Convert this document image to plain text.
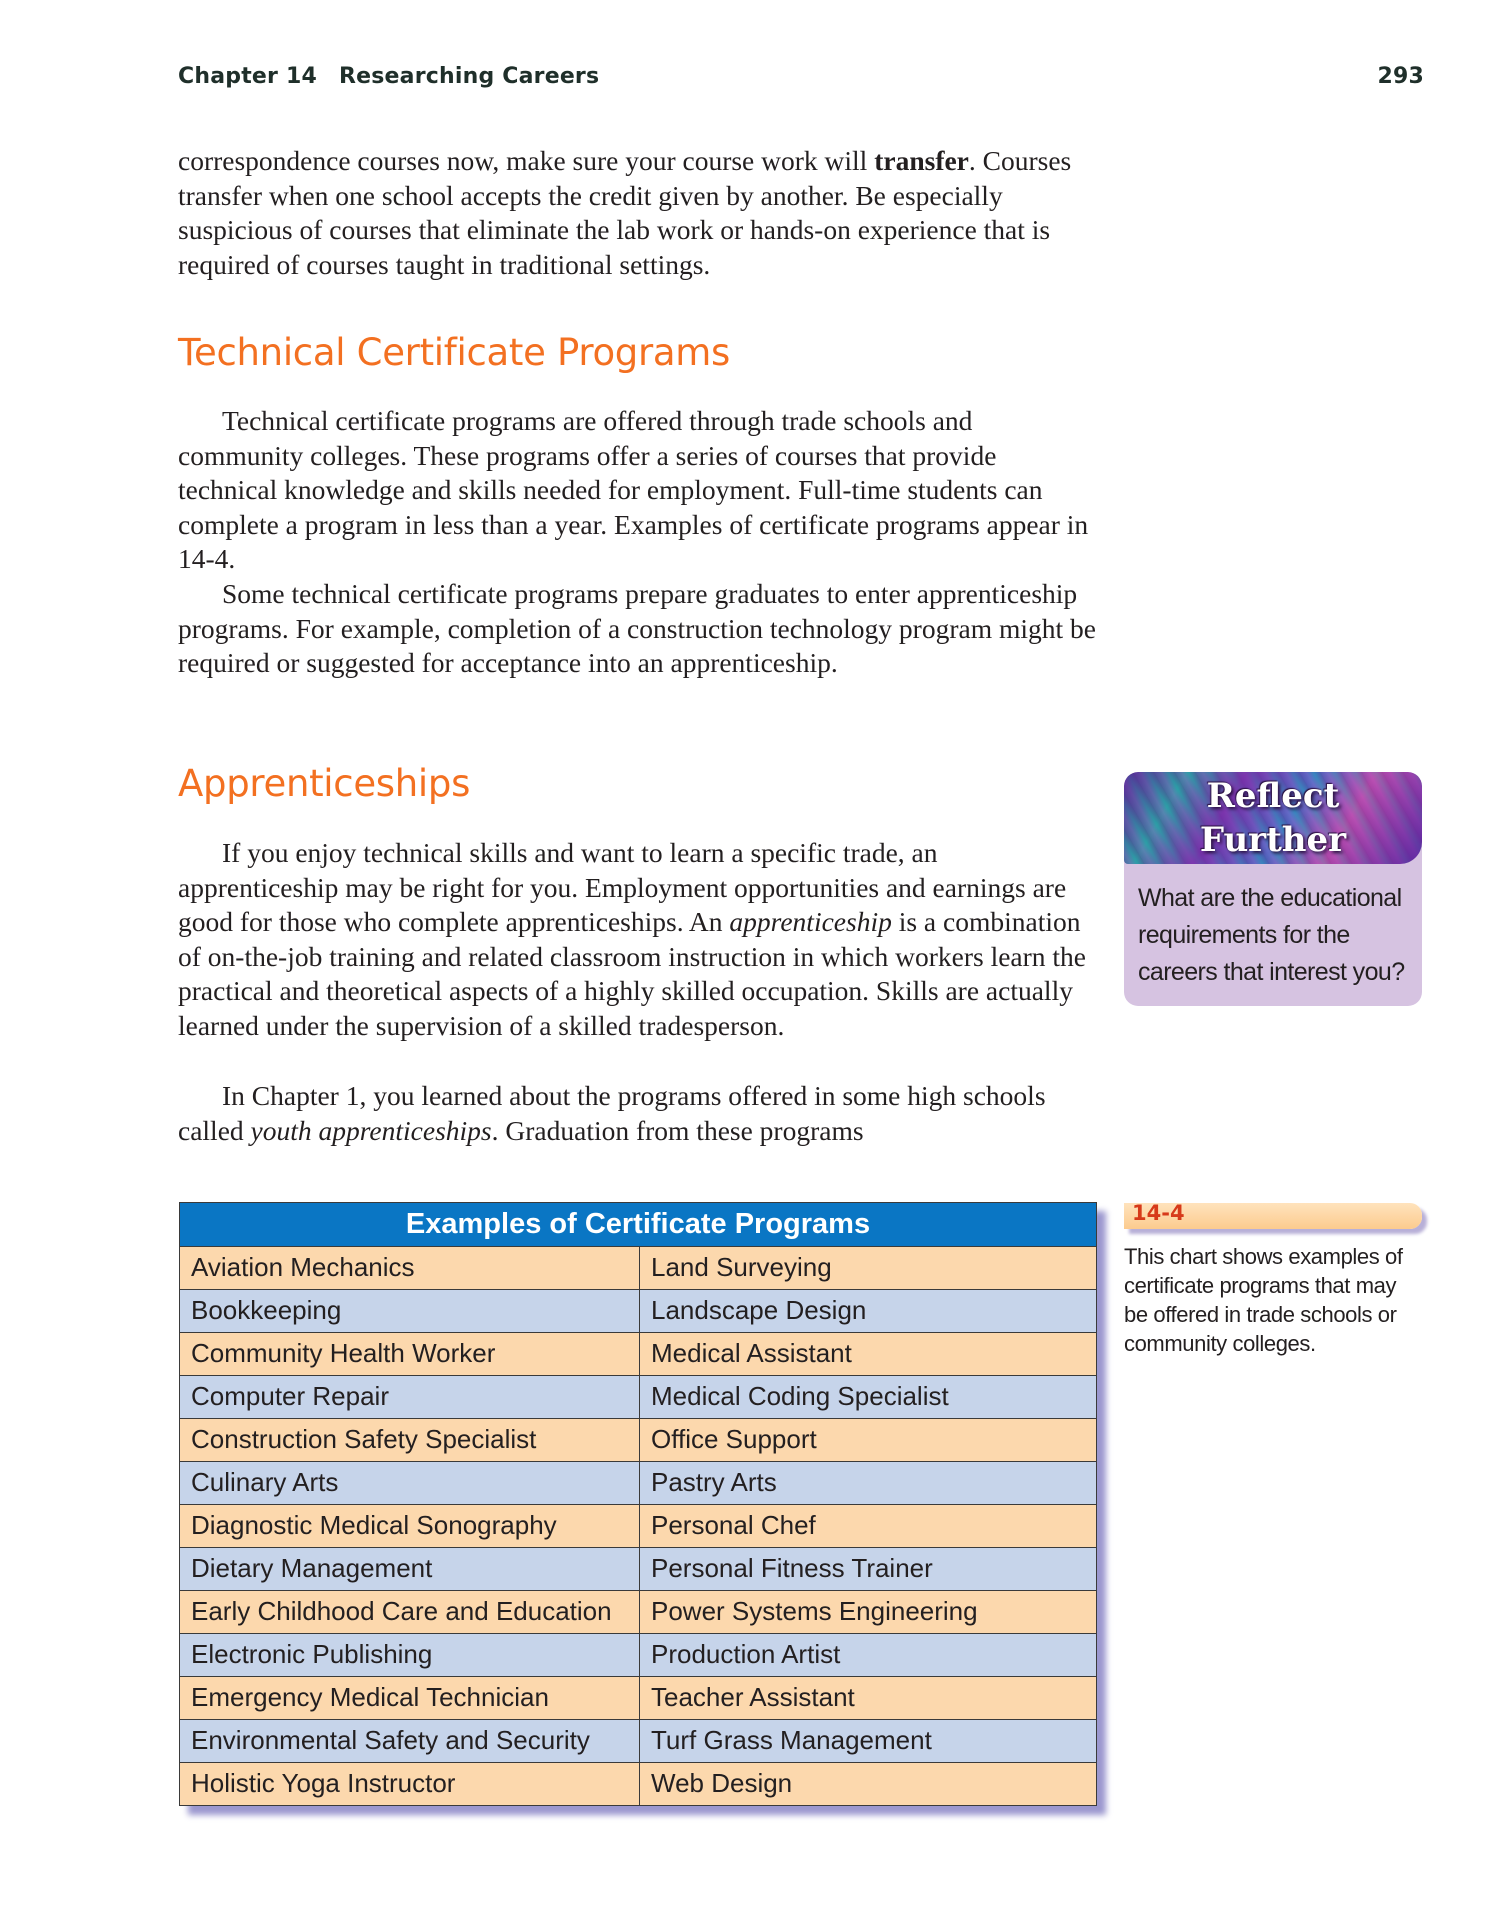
Chapter 14 Researching Careers	293

correspondence courses now, make sure your course work will transfer. Courses transfer when one school accepts the credit given by another. Be especially suspicious of courses that eliminate the lab work or hands-on experience that is required of courses taught in traditional settings.

Technical Certificate Programs

Technical certificate programs are offered through trade schools and community colleges. These programs offer a series of courses that provide technical knowledge and skills needed for employment. Full-time students can complete a program in less than a year. Examples of certificate programs appear in 14-4.

Some technical certificate programs prepare graduates to enter apprenticeship programs. For example, completion of a construction technology program might be required or suggested for acceptance into an apprenticeship.

Apprenticeships

If you enjoy technical skills and want to learn a specific trade, an apprenticeship may be right for you. Employment opportunities and earnings are good for those who complete apprenticeships. An apprenticeship is a combination of on-the-job training and related classroom instruction in which workers learn the practical and theoretical aspects of a highly skilled occupation. Skills are actually learned under the supervision of a skilled tradesperson.

In Chapter 1, you learned about the programs offered in some high schools called youth apprenticeships. Graduation from these programs

Reflect

Further

What are the educational requirements for the careers that interest you?

Examples of Certificate Programs	
Aviation Mechanics	Land Surveying
Bookkeeping	Landscape Design
Community Health Worker	Medical Assistant
Computer Repair	Medical Coding Specialist
Construction Safety Specialist	Office Support
Culinary Arts	Pastry Arts
Diagnostic Medical Sonography	Personal Chef
Dietary Management	Personal Fitness Trainer
Early Childhood Care and Education	Power Systems Engineering
Electronic Publishing	Production Artist
Emergency Medical Technician	Teacher Assistant
Environmental Safety and Security	Turf Grass Management
Holistic Yoga Instructor	Web Design

14-4

This chart shows examples of certificate programs that may be offered in trade schools or community colleges.
